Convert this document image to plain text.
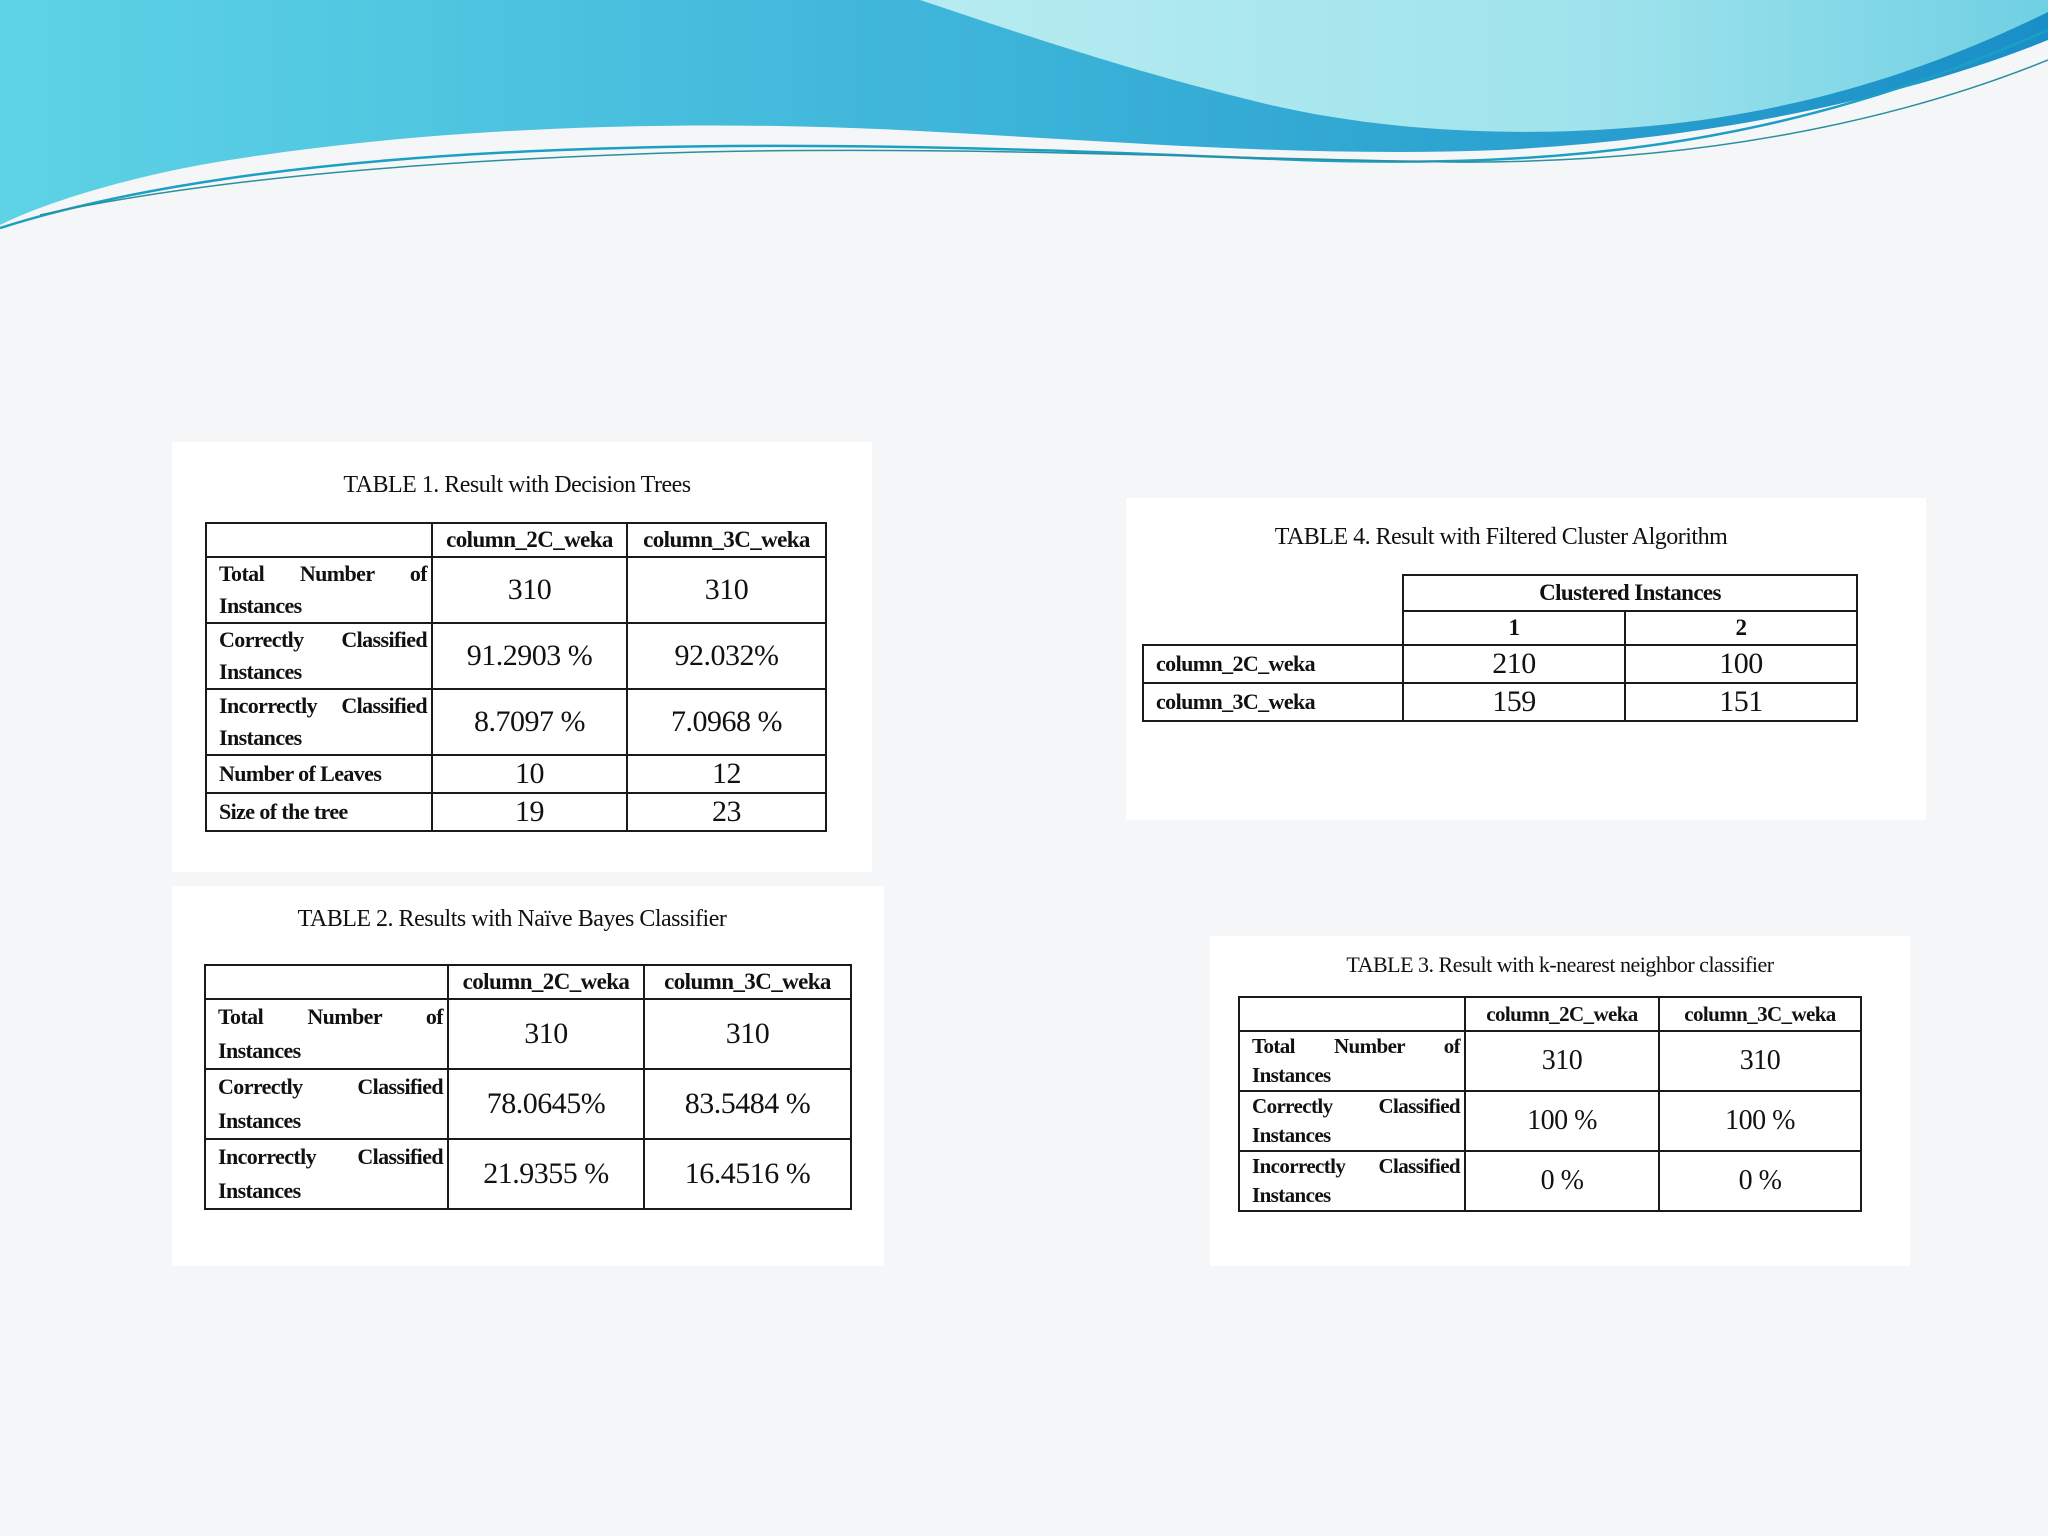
TABLE 1. Result with Decision Trees

	column_2C_weka	column_3C_weka
Total Number of Instances	310	310
Correctly Classified Instances	91.2903 %	92.032%
Incorrectly Classified Instances	8.7097 %	7.0968 %
Number of Leaves	10	12
Size of the tree	19	23

TABLE 2. Results with Naïve Bayes Classifier

	column_2C_weka	column_3C_weka
Total Number of Instances	310	310
Correctly Classified Instances	78.0645%	83.5484 %
Incorrectly Classified Instances	21.9355 %	16.4516 %

TABLE 4. Result with Filtered Cluster Algorithm

	Clustered Instances	
	1	2
column_2C_weka	210	100
column_3C_weka	159	151

TABLE 3. Result with k-nearest neighbor classifier

	column_2C_weka	column_3C_weka
Total Number of Instances	310	310
Correctly Classified Instances	100 %	100 %
Incorrectly Classified Instances	0 %	0 %
